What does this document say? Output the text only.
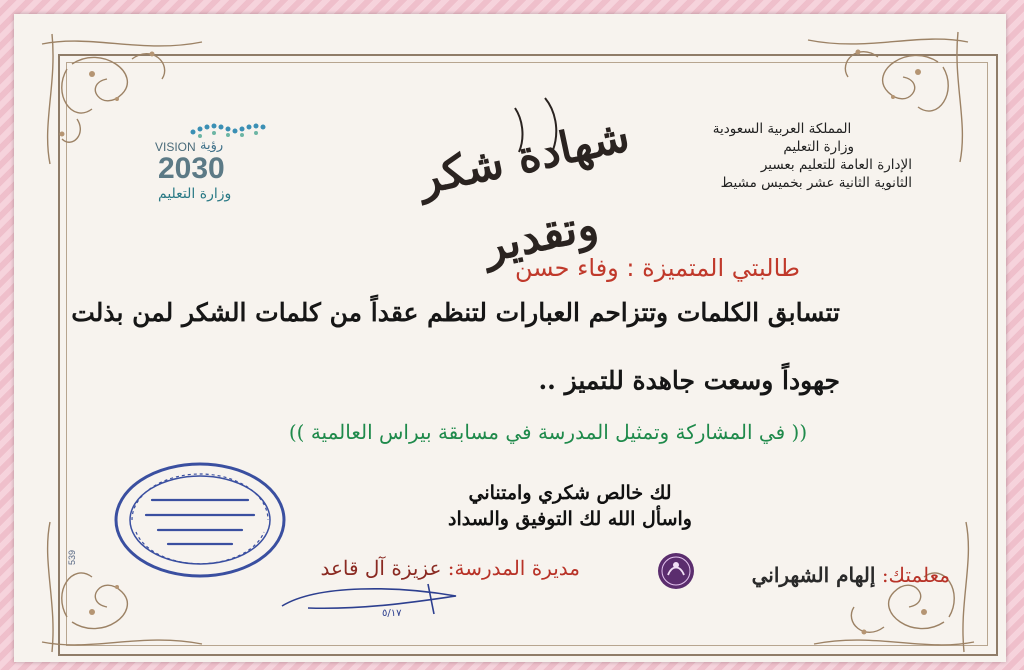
المملكة العربية السعودية
وزارة التعليم
الإدارة العامة للتعليم بعسير
الثانوية الثانية عشر بخميس مشيط
VISION رؤية
2030
وزارة التعليم	شهادة شكر وتقدير
طالبتي المتميزة : وفاء حسن
تتسابق الكلمات وتتزاحم العبارات لتنظم عقداً من كلمات الشكر لمن بذلت
جهوداً وسعت جاهدة للتميز ..
(( في المشاركة وتمثيل المدرسة في مسابقة بيراس العالمية ))
لك خالص شكري وامتناني
واسأل الله لك التوفيق والسداد
مديرة المدرسة: عزيزة آل قاعد
٥/١٧
معلمتك: إلهام الشهراني
539
